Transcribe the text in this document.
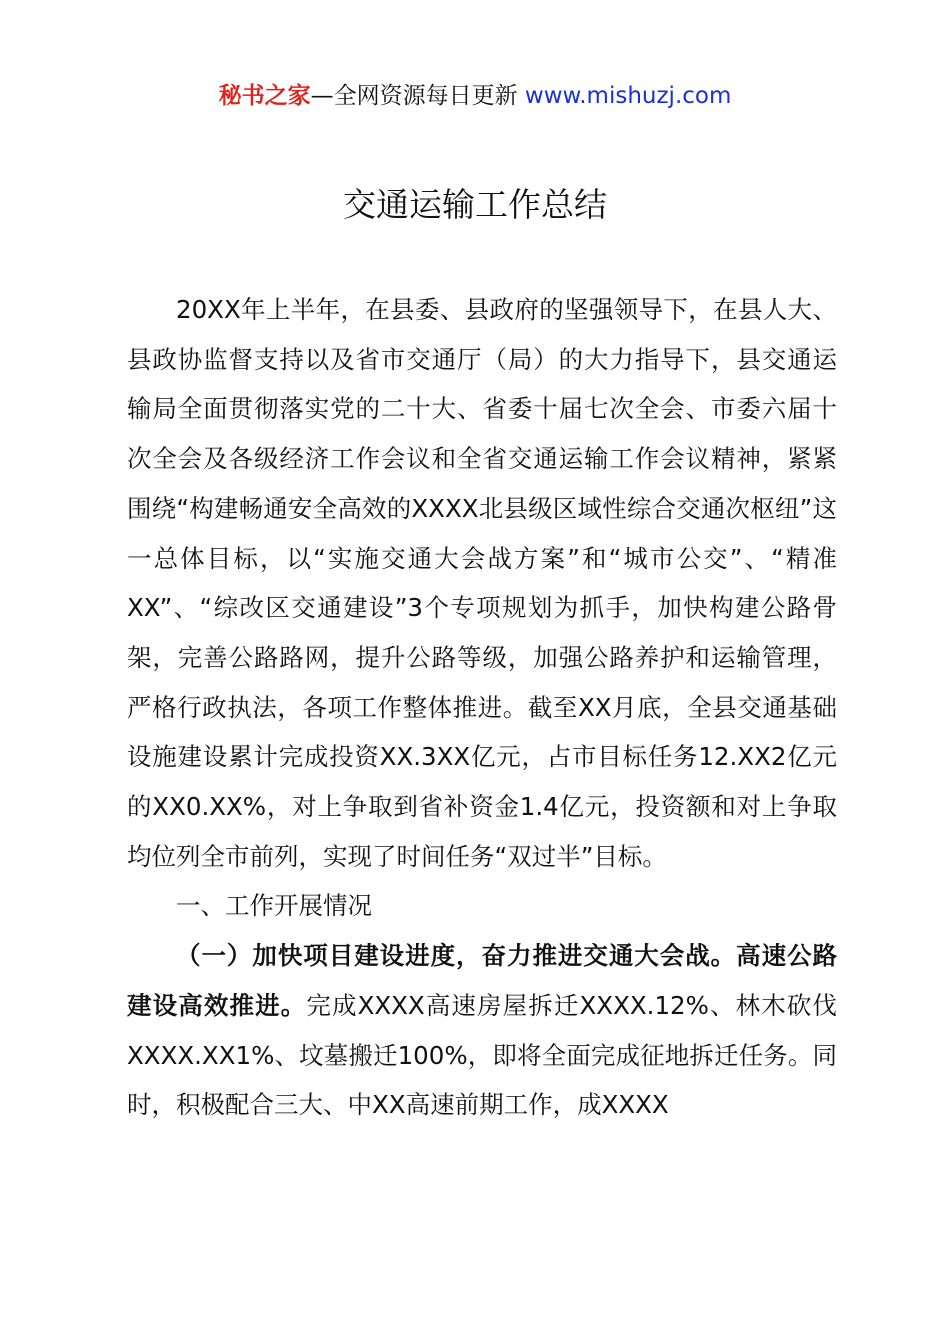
秘书之家—全网资源每日更新 www.mishuzj.com
交通运输工作总结

20XX年上半年，在县委、县政府的坚强领导下，在县人大、县政协监督支持以及省市交通厅（局）的大力指导下，县交通运输局全面贯彻落实党的二十大、省委十届七次全会、市委六届十次全会及各级经济工作会议和全省交通运输工作会议精神，紧紧围绕“构建畅通安全高效的XXXX北县级区域性综合交通次枢纽”这一总体目标，以“实施交通大会战方案”和“城市公交”、“精准XX”、“综改区交通建设”3个专项规划为抓手，加快构建公路骨架，完善公路路网，提升公路等级，加强公路养护和运输管理，严格行政执法，各项工作整体推进。截至XX月底，全县交通基础设施建设累计完成投资XX.3XX亿元，占市目标任务12.XX2亿元的XX0.XX%，对上争取到省补资金1.4亿元，投资额和对上争取均位列全市前列，实现了时间任务“双过半”目标。

一、工作开展情况

（一）加快项目建设进度，奋力推进交通大会战。高速公路建设高效推进。完成XXXX高速房屋拆迁XXXX.12%、林木砍伐XXXX.XX1%、坟墓搬迁100%，即将全面完成征地拆迁任务。同时，积极配合三大、中XX高速前期工作，成XXXX
